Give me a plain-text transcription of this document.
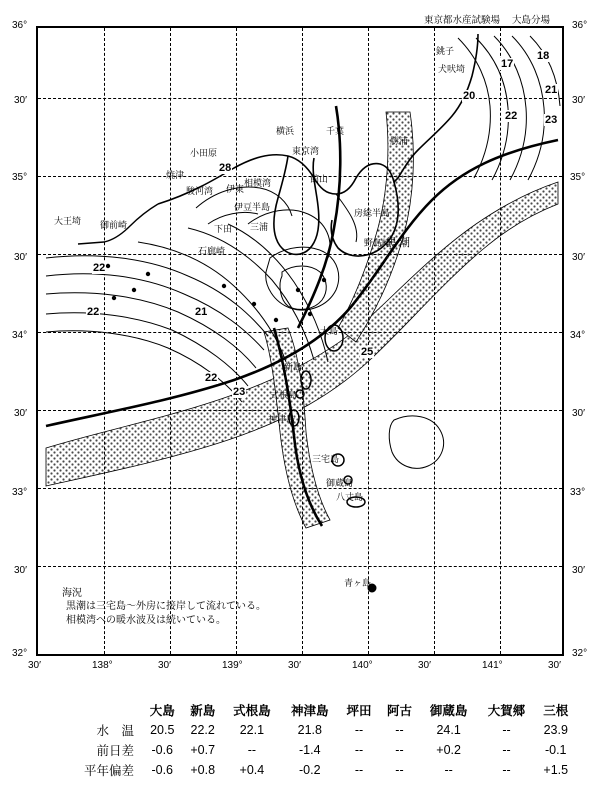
東京都水産試験場 大島分場
36°	36°
32°	32°
30′
35°
30′
34°
30′
33°
30′
30′
35°
30′
34°
30′
33°
30′
30′	138°	30′	139°	30′	140°	30′	141°	30′
20
17
18
21
22	23
28
22
22	21
22
23
25
黒潮
大島
新島
式根島
神津島
三宅島
御蔵島
八丈島
青ヶ島
伊豆半島
房総半島
相模湾
駿河湾
東京湾
銚子
勝浦
野島崎
石廊崎
御前崎
犬吠埼
小田原
横浜	千葉
館山
下田
焼津
伊東
三浦
大王埼
海況
黒潮は三宅島～外房に接岸して流れている。
相模湾への暖水波及は続いている。
	大島	新島	式根島	神津島	坪田	阿古	御蔵島	大賀郷	三根
水　温	20.5	22.2	22.1	21.8	--	--	24.1	--	23.9
前日差	-0.6	+0.7	--	-1.4	--	--	+0.2	--	-0.1
平年偏差	-0.6	+0.8	+0.4	-0.2	--	--	--	--	+1.5
